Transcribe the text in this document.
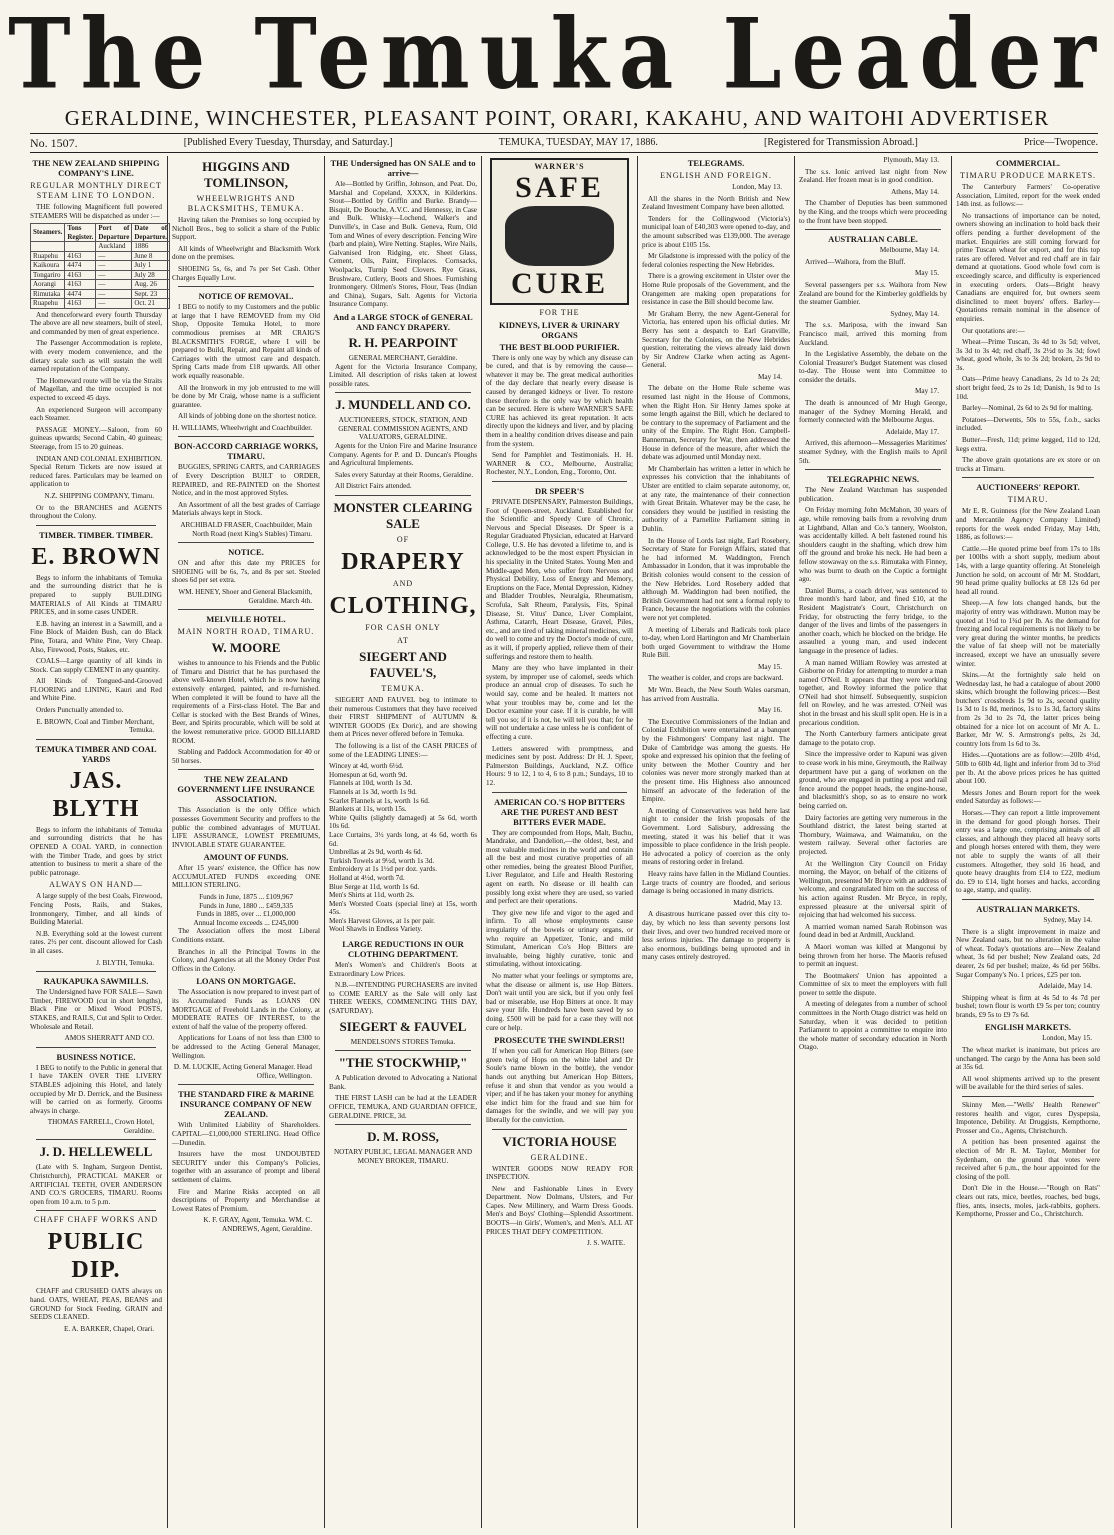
The Temuka Leader
GERALDINE, WINCHESTER, PLEASANT POINT, ORARI, KAKAHU, AND WAITOHI ADVERTISER
No. 1507.	[Published Every Tuesday, Thursday, and Saturday.]	TEMUKA, TUESDAY, MAY 17, 1886.	[Registered for Transmission Abroad.]	Price—Twopence.
THE NEW ZEALAND SHIPPING COMPANY'S LINE.
REGULAR MONTHLY DIRECT STEAM LINE TO LONDON.

THE following Magnificent full powered STEAMERS Will be dispatched as under :—

Steamers.	Tons Register.	Port of Departure	Date of Departure.
		Auckland	1886
Ruapehu	4163	—	June 8
Kaikoura	4474	—	July 1
Tongariro	4163	—	July 28
Aorangi	4163	—	Aug. 26
Rimutaka	4474	—	Sept. 23
Ruapehu	4163	—	Oct. 21

And thenceforward every fourth Thursday The above are all new steamers, built of steel, and commanded by men of great experience.

The Passenger Accommodation is replete, with every modern convenience, and the dietary scale such as will sustain the well earned reputation of the Company.

The Homeward route will be via the Straits of Magellan, and the time occupied is not expected to exceed 45 days.

An experienced Surgeon will accompany each Steamer.

PASSAGE MONEY.—Saloon, from 60 guineas upwards; Second Cabin, 40 guineas; Steerage, from 15 to 20 guineas.

INDIAN AND COLONIAL EXHIBITION. Special Return Tickets are now issued at reduced fares. Particulars may be learned on application to

N.Z. SHIPPING COMPANY, Timaru.

Or to the BRANCHES and AGENTS throughout the Colony.

TIMBER. TIMBER. TIMBER.
E. BROWN

Begs to inform the inhabitants of Temuka and the surrounding district that he is prepared to supply BUILDING MATERIALS of All Kinds at TIMARU PRICES, and in some cases UNDER.

E.B. having an interest in a Sawmill, and a Fine Block of Maiden Bush, can do Black Pine, Totara, and White Pine, Very Cheap. Also, Firewood, Posts, Stakes, etc.

COALS—Large quantity of all kinds in Stock. Can supply CEMENT in any quantity.

All Kinds of Tongued-and-Grooved FLOORING and LINING, Kauri and Red and White Pine.

Orders Punctually attended to.

E. BROWN, Coal and Timber Merchant, Temuka.
TEMUKA TIMBER AND COAL YARDS
JAS. BLYTH

Begs to inform the inhabitants of Temuka and surrounding districts that he has OPENED A COAL YARD, in connection with the Timber Trade, and goes by strict attention to business to merit a share of the public patronage.

ALWAYS ON HAND—

A large supply of the best Coals, Firewood, Fencing Posts, Rails, and Stakes, Ironmongery, Timber, and all kinds of Building Material.

N.B. Everything sold at the lowest current rates. 2½ per cent. discount allowed for Cash in all cases.

J. BLYTH, Temuka.
RAUKAPUKA SAWMILLS.

The Undersigned have FOR SALE— Sawn Timber, FIREWOOD (cut in short lengths), Black Pine or Mixed Wood POSTS, STAKES, and RAILS, Cut and Split to Order. Wholesale and Retail.

AMOS SHERRATT AND CO.
BUSINESS NOTICE.

I BEG to notify to the Public in general that I have TAKEN OVER THE LIVERY STABLES adjoining this Hotel, and lately occupied by Mr D. Derrick, and the Business will be carried on as formerly. Grooms always in charge.

THOMAS FARRELL, Crown Hotel, Geraldine.
J. D. HELLEWELL

(Late with S. Ingham, Surgeon Dentist, Christchurch), PRACTICAL MAKER or ARTIFICIAL TEETH, OVER ANDERSON AND CO.'S GROCERS, TIMARU. Rooms open from 10 a.m. to 5 p.m.

CHAFF CHAFF WORKS AND
PUBLIC DIP.

CHAFF and CRUSHED OATS always on hand. OATS, WHEAT, PEAS, BEANS and GROUND for Stock Feeding. GRAIN and SEEDS CLEANED.

E. A. BARKER, Chapel, Orari.
HIGGINS AND TOMLINSON,
WHEELWRIGHTS AND BLACKSMITHS, TEMUKA.

Having taken the Premises so long occupied by Nicholl Bros., beg to solicit a share of the Public Support.

All kinds of Wheelwright and Blacksmith Work done on the premises.

SHOEING 5s, 6s, and 7s per Set Cash. Other Charges Equally Low.

NOTICE OF REMOVAL.

I BEG to notify to my Customers and the public at large that I have REMOVED from my Old Shop, Opposite Temuka Hotel, to more commodious premises at MR CRAIG'S BLACKSMITH'S FORGE, where I will be prepared to Build, Repair, and Repaint all kinds of Carriages with the utmost care and despatch. Spring Carts made from £18 upwards. All other work equally reasonable.

All the Ironwork in my job entrusted to me will be done by Mr Craig, whose name is a sufficient guarantee.

All kinds of jobbing done on the shortest notice.

H. WILLIAMS, Wheelwright and Coachbuilder.
BON-ACCORD CARRIAGE WORKS, TIMARU.

BUGGIES, SPRING CARTS, and CARRIAGES of Every Description BUILT to ORDER, REPAIRED, and RE-PAINTED on the Shortest Notice, and in the most approved Styles.

An Assortment of all the best grades of Carriage Materials always kept in Stock.

ARCHIBALD FRASER, Coachbuilder, Main North Road (next King's Stables) Timaru.
NOTICE.

ON and after this date my PRICES for SHOEING will be 6s, 7s, and 8s per set. Steeled shoes 6d per set extra.

WM. HENEY, Shoer and General Blacksmith, Geraldine. March 4th.
MELVILLE HOTEL.
MAIN NORTH ROAD, TIMARU.
W. MOORE

wishes to announce to his Friends and the Public of Timaru and District that he has purchased the above well-known Hotel, which he is now having extensively enlarged, painted, and re-furnished. When completed it will be found to have all the requirements of a First-class Hotel. The Bar and Cellar is stocked with the Best Brands of Wines, Beer, and Spirits procurable, which will be sold at the lowest remunerative price. GOOD BILLIARD ROOM.

Stabling and Paddock Accommodation for 40 or 50 horses.

THE NEW ZEALAND GOVERNMENT LIFE INSURANCE ASSOCIATION.

This Association is the only Office which possesses Government Security and proffers to the public the combined advantages of MUTUAL LIFE ASSURANCE, LOWEST PREMIUMS, INVIOLABLE STATE GUARANTEE.

AMOUNT OF FUNDS.

After 15 years' existence, the Office has now ACCUMULATED FUNDS exceeding ONE MILLION STERLING.

Funds in June, 1875 ... £109,967
Funds in June, 1880 ... £459,335
Funds in 1885, over ... £1,000,000
Annual Income exceeds ... £245,000

The Association offers the most Liberal Conditions extant.

Branches in all the Principal Towns in the Colony, and Agencies at all the Money Order Post Offices in the Colony.

LOANS ON MORTGAGE.

The Association is now prepared to invest part of its Accumulated Funds as LOANS ON MORTGAGE of Freehold Lands in the Colony, at MODERATE RATES OF INTEREST, to the extent of half the value of the property offered.

Applications for Loans of not less than £300 to be addressed to the Acting General Manager, Wellington.

D. M. LUCKIE, Acting General Manager. Head Office, Wellington.
THE STANDARD FIRE & MARINE INSURANCE COMPANY OF NEW ZEALAND.

With Unlimited Liability of Shareholders. CAPITAL—£1,000,000 STERLING. Head Office—Dunedin.

Insurers have the most UNDOUBTED SECURITY under this Company's Policies, together with an assurance of prompt and liberal settlement of claims.

Fire and Marine Risks accepted on all descriptions of Property and Merchandise at Lowest Rates of Premium.

K. F. GRAY, Agent, Temuka. WM. C. ANDREWS, Agent, Geraldine.
THE Undersigned has ON SALE and to arrive—

Ale—Bottled by Griffin, Johnson, and Peat. Do, Marshal and Copeland, XXXX, in Kilderkins. Stout—Bottled by Griffin and Burke. Brandy—Bisquit, De Bouche, A.V.C. and Hennessy, in Case and Bulk. Whisky—Lochend, Walker's and Dunville's, in Case and Bulk. Geneva, Rum, Old Tom and Wines of every description. Fencing Wire (barb and plain), Wire Netting. Staples, Wire Nails, Galvanised Iron Ridging, etc. Sheet Glass, Cement, Oils, Paint, Fireplaces. Cornsacks, Woolpacks, Turnip Seed Clovers. Rye Grass, Brushware, Cutlery, Boots and Shoes. Furnishing Ironmongery. Oilmen's Stores, Flour, Teas (Indian and China), Sugars, Salt. Agents for Victoria Insurance Company.

And a LARGE STOCK of GENERAL AND FANCY DRAPERY.
R. H. PEARPOINT
GENERAL MERCHANT, Geraldine.

Agent for the Victoria Insurance Company, Limited. All description of risks taken at lowest possible rates.

J. MUNDELL AND CO.
AUCTIONEERS, STOCK, STATION, AND GENERAL COMMISSION AGENTS, AND VALUATORS, GERALDINE.

Agents for the Union Fire and Marine Insurance Company. Agents for P. and D. Duncan's Ploughs and Agricultural Implements.

Sales every Saturday at their Rooms, Geraldine.

All District Fairs attended.

MONSTER CLEARING SALE
OF
DRAPERY
AND
CLOTHING,
FOR CASH ONLY
AT
SIEGERT AND FAUVEL'S,
TEMUKA.

SIEGERT AND FAUVEL beg to intimate to their numerous Customers that they have received their FIRST SHIPMENT of AUTUMN & WINTER GOODS (Ex Doric), and are showing them at Prices never offered before in Temuka.

The following is a list of the CASH PRICES of some of the LEADING LINES:—

Wincey at 4d, worth 6½d.
Homespun at 6d, worth 9d.
Flannels at 10d, worth 1s 3d.
Flannels at 1s 3d, worth 1s 9d.
Scarlet Flannels at 1s, worth 1s 6d.
Blankets at 11s, worth 15s.
White Quilts (slightly damaged) at 5s 6d, worth 10s 6d.
Lace Curtains, 3½ yards long, at 4s 6d, worth 6s 6d.
Umbrellas at 2s 9d, worth 4s 6d.
Turkish Towels at 9½d, worth 1s 3d.
Embroidery at 1s 1½d per doz. yards.
Holland at 4½d, worth 7d.
Blue Serge at 11d, worth 1s 6d.
Men's Shirts at 11d, worth 2s.
Men's Worsted Coats (special line) at 15s, worth 45s.
Men's Harvest Gloves, at 1s per pair.
Wool Shawls in Endless Variety.
LARGE REDUCTIONS IN OUR CLOTHING DEPARTMENT.

Men's Women's and Children's Boots at Extraordinary Low Prices.

N.B.—INTENDING PURCHASERS are invited to COME EARLY as the Sale will only last THREE WEEKS, COMMENCING THIS DAY, (SATURDAY).

SIEGERT & FAUVEL
MENDELSON'S STORES Temuka.
"THE STOCKWHIP,"

A Publication devoted to Advocating a National Bank.

THE FIRST LASH can be had at the LEADER OFFICE, TEMUKA, AND GUARDIAN OFFICE, GERALDINE. PRICE, 3d.

D. M. ROSS,
NOTARY PUBLIC, LEGAL MANAGER AND MONEY BROKER, TIMARU.
WARNER'S
SAFE
CURE
FOR THE
KIDNEYS, LIVER & URINARY ORGANS
THE BEST BLOOD PURIFIER.

There is only one way by which any disease can be cured, and that is by removing the cause—whatever it may be. The great medical authorities of the day declare that nearly every disease is caused by deranged kidneys or liver. To restore these therefore is the only way by which health can be secured. Here is where WARNER'S SAFE CURE has achieved its great reputation. It acts directly upon the kidneys and liver, and by placing them in a healthy condition drives disease and pain from the system.

Send for Pamphlet and Testimonials. H. H. WARNER & CO., Melbourne, Australia; Rochester, N.Y., London, Eng., Toronto, Ont.

DR SPEER'S

PRIVATE DISPENSARY, Palmerston Buildings, Foot of Queen-street, Auckland. Established for the Scientific and Speedy Cure of Chronic, Nervous and Special Diseases. Dr Speer is a Regular Graduated Physician, educated at Harvard College, U.S. He has devoted a lifetime to, and is acknowledged to be the most expert Physician in his speciality in the United States. Young Men and Middle-aged Men, who suffer from Nervous and Physical Debility, Loss of Energy and Memory, Eruptions on the Face, Mental Depression, Kidney and Bladder Troubles, Neuralgia, Rheumatism, Scrofula, Salt Rheum, Paralysis, Fits, Spinal Disease, St. Vitus' Dance, Liver Complaint, Asthma, Catarrh, Heart Disease, Gravel, Piles, etc., and are tired of taking mineral medicines, will do well to come and try the Doctor's mode of cure, as it will, if properly applied, relieve them of their sufferings and restore them to health.

Many are they who have implanted in their system, by improper use of calomel, seeds which produce an annual crop of diseases. To such he would say, come and be healed. It matters not what your troubles may be, come and let the Doctor examine your case. If it is curable, he will tell you so; if it is not, he will tell you that; for he will not undertake a case unless he is confident of effecting a cure.

Letters answered with promptness, and medicines sent by post. Address: Dr H. J. Speer, Palmerston Buildings, Auckland, N.Z. Office Hours: 9 to 12, 1 to 4, 6 to 8 p.m.; Sundays, 10 to 12.

AMERICAN CO.'S HOP BITTERS ARE THE PUREST AND BEST BITTERS EVER MADE.

They are compounded from Hops, Malt, Buchu, Mandrake, and Dandelion,—the oldest, best, and most valuable medicines in the world and contain all the best and most curative properties of all other remedies, being the greatest Blood Purifier, Liver Regulator, and Life and Health Restoring agent on earth. No disease or ill health can possibly long exist where they are used, so varied and perfect are their operations.

They give new life and vigor to the aged and infirm. To all whose employments cause irregularity of the bowels or urinary organs, or who require an Appetizer, Tonic, and mild Stimulant, American Co's Hop Bitters are invaluable, being highly curative, tonic and stimulating, without intoxicating.

No matter what your feelings or symptoms are, what the disease or ailment is, use Hop Bitters. Don't wait until you are sick, but if you only feel bad or miserable, use Hop Bitters at once. It may save your life. Hundreds have been saved by so doing. £500 will be paid for a case they will not cure or help.

PROSECUTE THE SWINDLERS!!

If when you call for American Hop Bitters (see green twig of Hops on the white label and Dr Soule's name blown in the bottle), the vendor hands out anything but American Hop Bitters, refuse it and shun that vendor as you would a viper; and if he has taken your money for anything else indict him for the fraud and sue him for damages for the swindle, and we will pay you liberally for the conviction.

VICTORIA HOUSE
GERALDINE.

WINTER GOODS NOW READY FOR INSPECTION.

New and Fashionable Lines in Every Department. Now Dolmans, Ulsters, and Fur Capes. New Millinery, and Warm Dress Goods. Men's and Boys' Clothing—Splendid Assortment. BOOTS—in Girls', Women's, and Men's. ALL AT PRICES THAT DEFY COMPETITION.

J. S. WAITE.
TELEGRAMS.
ENGLISH AND FOREIGN.
London, May 13.

All the shares in the North British and New Zealand Investment Company have been allotted.

Tenders for the Collingwood (Victoria's) municipal loan of £40,303 were opened to-day, and the amount subscribed was £139,000. The average price is about £105 15s.

Mr Gladstone is impressed with the policy of the federal colonies respecting the New Hebrides.

There is a growing excitement in Ulster over the Home Rule proposals of the Government, and the Orangemen are making open preparations for resistance in case the Bill should become law.

Mr Graham Berry, the new Agent-General for Victoria, has entered upon his official duties. Mr Berry has sent a despatch to Earl Granville, Secretary for the Colonies, on the New Hebrides question, reiterating the views already laid down by Sir Andrew Clarke when acting as Agent-General.

May 14.

The debate on the Home Rule scheme was resumed last night in the House of Commons, when the Right Hon. Sir Henry James spoke at some length against the Bill, which he declared to be contrary to the supremacy of Parliament and the unity of the Empire. The Right Hon. Campbell-Bannerman, Secretary for War, then addressed the House in defence of the measure, after which the debate was adjourned until Monday next.

Mr Chamberlain has written a letter in which he expresses his conviction that the inhabitants of Ulster are entitled to claim separate autonomy, or, at any rate, the maintenance of their connection with Great Britain. Whatever may be the case, he considers they would be justified in resisting the authority of a Parnellite Parliament sitting in Dublin.

In the House of Lords last night, Earl Rosebery, Secretary of State for Foreign Affairs, stated that he had informed M. Waddington, French Ambassador in London, that it was improbable the British colonies would consent to the cession of the New Hebrides. Lord Rosebery added that although M. Waddington had been notified, the British Government had not sent a formal reply to France, because the negotiations with the colonies were not yet completed.

A meeting of Liberals and Radicals took place to-day, when Lord Hartington and Mr Chamberlain both urged Government to withdraw the Home Rule Bill.

May 15.

The weather is colder, and crops are backward.

Mr Wm. Beach, the New South Wales oarsman, has arrived from Australia.

May 16.

The Executive Commissioners of the Indian and Colonial Exhibition were entertained at a banquet by the Fishmongers' Company last night. The Duke of Cambridge was among the guests. He spoke and expressed his opinion that the feeling of unity between the Mother Country and her colonies was never more strongly marked than at the present time. His Highness also announced himself an advocate of the federation of the Empire.

A meeting of Conservatives was held here last night to consider the Irish proposals of the Government. Lord Salisbury, addressing the meeting, stated it was his belief that it was impossible to place confidence in the Irish people. He advocated a policy of coercion as the only means of restoring order in Ireland.

Heavy rains have fallen in the Midland Counties. Large tracts of country are flooded, and serious damage is being occasioned in many districts.

Madrid, May 13.

A disastrous hurricane passed over this city to-day, by which no less than seventy persons lost their lives, and over two hundred received more or less serious injuries. The damage to property is also enormous, buildings being uprooted and in many cases entirely destroyed.

Plymouth, May 13.

The s.s. Ionic arrived last night from New Zealand. Her frozen meat is in good condition.

Athens, May 14.

The Chamber of Deputies has been summoned by the King, and the troops which were proceeding to the front have been stopped.

AUSTRALIAN CABLE.
Melbourne, May 14.

Arrived—Waihora, from the Bluff.

May 15.

Several passengers per s.s. Waihora from New Zealand are bound for the Kimberley goldfields by the steamer Gambier.

Sydney, May 14.

The s.s. Mariposa, with the inward San Francisco mail, arrived this morning from Auckland.

In the Legislative Assembly, the debate on the Colonial Treasurer's Budget Statement was closed to-day. The House went into Committee to consider the details.

May 17.

The death is announced of Mr Hugh George, manager of the Sydney Morning Herald, and formerly connected with the Melbourne Argus.

Adelaide, May 17.

Arrived, this afternoon—Messageries Maritimes' steamer Sydney, with the English mails to April 5th.

TELEGRAPHIC NEWS.

The New Zealand Watchman has suspended publication.

On Friday morning John McMahon, 30 years of age, while removing bails from a revolving drum at Lightband, Allan and Co.'s tannery, Woolston, was accidentally killed. A belt fastened round his shoulders caught in the shafting, which drew him off the ground and broke his neck. He had been a fellow stowaway on the s.s. Rimutaka with Finney, who was burnt to death on the Coptic a fortnight ago.

Daniel Burns, a coach driver, was sentenced to three month's hard labor, and fined £10, at the Resident Magistrate's Court, Christchurch on Friday, for obstructing the ferry bridge, to the danger of the lives and limbs of the passengers in another coach, which he blocked on the bridge. He assaulted a young man, and used indecent language in the presence of ladies.

A man named William Rowley was arrested at Gisborne on Friday for attempting to murder a man named O'Neil. It appears that they were working together, and Rowley informed the police that O'Neil had shot himself. Subsequently, suspicion fell on Rowley, and he was arrested. O'Neil was shot in the breast and his skull split open. He is in a precarious condition.

The North Canterbury farmers anticipate great damage to the potato crop.

Since the impressive order to Kapuni was given to cease work in his mine, Greymouth, the Railway department have put a gang of workmen on the ground, who are engaged in putting a post and rail fence around the poppet heads, the engine-house, and blacksmith's shop, so as to ensure no work being carried on.

Dairy factories are getting very numerous in the Southland district, the latest being started at Thornbury, Waimawa, and Waimatuku, on the western railway. Several other factories are projected.

At the Wellington City Council on Friday morning, the Mayor, on behalf of the citizens of Wellington, presented Mr Bryce with an address of welcome, and congratulated him on the success of his action against Rusden. Mr Bryce, in reply, expressed pleasure at the universal spirit of rejoicing that had welcomed his success.

A married woman named Sarah Robinson was found dead in bed at Ardmill, Auckland.

A Maori woman was killed at Mangonui by being thrown from her horse. The Maoris refused to permit an inquest.

The Bootmakers' Union has appointed a Committee of six to meet the employers with full power to settle the dispute.

A meeting of delegates from a number of school committees in the North Otago district was held on Saturday, when it was decided to petition Parliament to appoint a committee to enquire into the whole matter of secondary education in North Otago.

COMMERCIAL.
TIMARU PRODUCE MARKETS.

The Canterbury Farmers' Co-operative Association, Limited, report for the week ended 14th inst. as follows:—

No transactions of importance can be noted, owners showing an inclination to hold back their offers pending a further development of the market. Enquiries are still coming forward for prime Tuscan wheat for export, and for this top rates are offered. Velvet and red chaff are in fair demand at quotations. Good whole fowl corn is exceedingly scarce, and difficulty is experienced in executing orders. Oats—Bright heavy Canadians are enquired for, but owners seem disinclined to meet buyers' offers. Barley—Quotations remain nominal in the absence of enquiries.

Our quotations are:—

Wheat—Prime Tuscan, 3s 4d to 3s 5d; velvet, 3s 3d to 3s 4d; red chaff, 3s 2½d to 3s 3d; fowl wheat, good whole, 3s to 3s 2d; broken, 2s 9d to 3s.

Oats—Prime heavy Canadians, 2s 1d to 2s 2d; short bright feed, 2s to 2s 1d; Danish, 1s 9d to 1s 10d.

Barley—Nominal, 2s 6d to 2s 9d for malting.

Potatoes—Derwents, 50s to 55s, f.o.b., sacks included.

Butter—Fresh, 11d; prime kegged, 11d to 12d, kegs extra.

The above grain quotations are ex store or on trucks at Timaru.

AUCTIONEERS' REPORT.
TIMARU.

Mr E. R. Guinness (for the New Zealand Loan and Mercantile Agency Company Limited) reports for the week ended Friday, May 14th, 1886, as follows:—

Cattle.—He quoted prime beef from 17s to 18s per 100lbs with a short supply, medium about 14s, with a large quantity offering. At Stoneleigh Junction he sold, on account of Mr M. Stoddart, 90 head prime quality bullocks at £8 12s 6d per head all round.

Sheep.—A few lots changed hands, but the majority of entry was withdrawn. Mutton may be quoted at 1½d to 1¾d per lb. As the demand for freezing and local requirements is not likely to be very great during the winter months, he predicts the value of fat sheep will not be materially increased, except we have an unusually severe winter.

Skins.—At the fortnightly sale held on Wednesday last, he had a catalogue of about 2000 skins, which brought the following prices:—Best butchers' crossbreds 1s 9d to 2s, second quality 1s 3d to 1s 8d, merinos, 1s to 1s 3d, factory skins from 2s 3d to 2s 7d, the latter prices being obtained for a nice lot on account of Mr A. L. Barker, Mr W. S. Armstrong's pelts, 2s 3d, country lots from 1s 6d to 3s.

Hides.—Quotations are as follow:—20lb 4½d, 50lb to 60lb 4d, light and inferior from 3d to 3½d per lb. At the above prices prices he has quitted about 100.

Messrs Jones and Bourn report for the week ended Saturday as follows:—

Horses.—They can report a little improvement in the demand for good plough horses. Their entry was a large one, comprising animals of all classes, and although they placed all heavy sorts and plough horses entered with them, they were not able to supply the wants of all their customers. Altogether, they sold 16 head, and quote heavy draughts from £14 to £22, medium do. £9 to £14, light horses and hacks, according to age, stamp, and quality.

AUSTRALIAN MARKETS.
Sydney, May 14.

There is a slight improvement in maize and New Zealand oats, but no alteration in the value of wheat. Today's quotations are—New Zealand wheat, 3s 6d per bushel; New Zealand oats, 2d dearer, 2s 6d per bushel; maize, 4s 6d per 56lbs. Sugar Company's No. 1 prices, £25 per ton.

Adelaide, May 14.

Shipping wheat is firm at 4s 5d to 4s 7d per bushel; town flour is worth £9 5s per ton; country brands, £9 5s to £9 7s 6d.

ENGLISH MARKETS.
London, May 15.

The wheat market is inanimate, but prices are unchanged. The cargo by the Anna has been sold at 35s 6d.

All wool shipments arrived up to the present will be available for the third series of sales.

Skinny Men.—"Wells' Health Renewer" restores health and vigor, cures Dyspepsia, Impotence, Debility. At Druggists, Kempthorne, Prosser and Co., Agents, Christchurch.

A petition has been presented against the election of Mr R. M. Taylor, Member for Sydenham, on the ground that votes were received after 6 p.m., the hour appointed for the closing of the poll.

Don't Die in the House.—"Rough on Rats" clears out rats, mice, beetles, roaches, bed bugs, flies, ants, insects, moles, jack-rabbits, gophers. Kempthorne, Prosser and Co., Christchurch.
